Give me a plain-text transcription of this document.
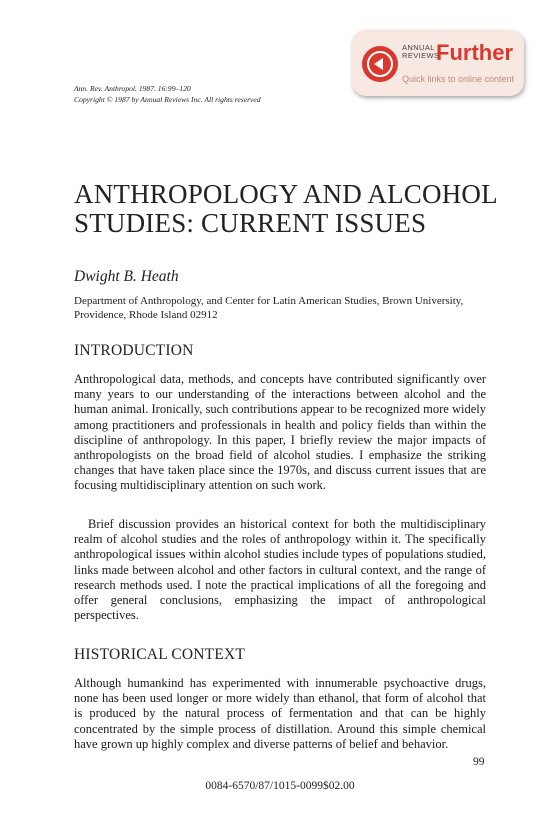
ANNUAL
REVIEWS
Further
Quick links to online content
Ann. Rev. Anthropol. 1987. 16:99–120
Copyright © 1987 by Annual Reviews Inc. All rights reserved
ANTHROPOLOGY AND ALCOHOL
STUDIES: CURRENT ISSUES
Dwight B. Heath
Department of Anthropology, and Center for Latin American Studies, Brown University, Providence, Rhode Island 02912
INTRODUCTION

Anthropological data, methods, and concepts have contributed significantly over many years to our understanding of the interactions between alcohol and the human animal. Ironically, such contributions appear to be recognized more widely among practitioners and professionals in health and policy fields than within the discipline of anthropology. In this paper, I briefly review the major impacts of anthropologists on the broad field of alcohol studies. I emphasize the striking changes that have taken place since the 1970s, and discuss current issues that are focusing multidisciplinary attention on such work.

Brief discussion provides an historical context for both the multidisciplinary realm of alcohol studies and the roles of anthropology within it. The specifically anthropological issues within alcohol studies include types of populations studied, links made between alcohol and other factors in cultural context, and the range of research methods used. I note the practical implications of all the foregoing and offer general conclusions, emphasizing the impact of anthropological perspectives.

HISTORICAL CONTEXT

Although humankind has experimented with innumerable psychoactive drugs, none has been used longer or more widely than ethanol, that form of alcohol that is produced by the natural process of fermentation and that can be highly concentrated by the simple process of distillation. Around this simple chemical have grown up highly complex and diverse patterns of belief and behavior.

99
0084-6570/87/1015-0099$02.00
